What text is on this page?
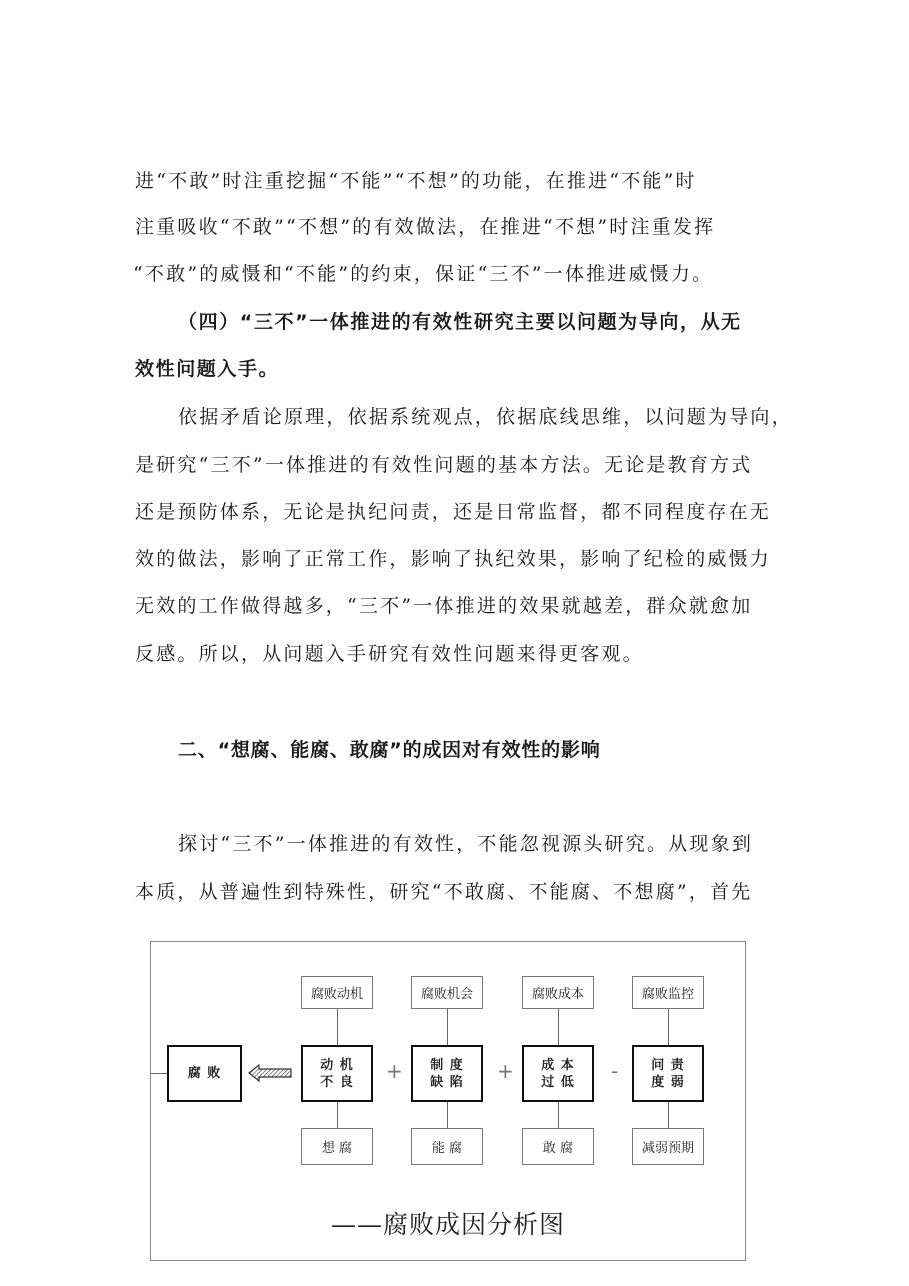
进“不敢”时注重挖掘“不能”“不想”的功能，在推进“不能”时
注重吸收“不敢”“不想”的有效做法，在推进“不想”时注重发挥
“不敢”的威慑和“不能”的约束，保证“三不”一体推进威慑力。
（四）“三不”一体推进的有效性研究主要以问题为导向，从无
效性问题入手。
依据矛盾论原理，依据系统观点，依据底线思维，以问题为导向，
是研究“三不”一体推进的有效性问题的基本方法。无论是教育方式
还是预防体系，无论是执纪问责，还是日常监督，都不同程度存在无
效的做法，影响了正常工作，影响了执纪效果，影响了纪检的威慑力
无效的工作做得越多，“三不”一体推进的效果就越差，群众就愈加
反感。所以，从问题入手研究有效性问题来得更客观。
二、“想腐、能腐、敢腐”的成因对有效性的影响
探讨“三不”一体推进的有效性，不能忽视源头研究。从现象到
本质，从普遍性到特殊性，研究“不敢腐、不能腐、不想腐”，首先
腐 败
腐败动机
动 机
不 良
想 腐
+
腐败机会
制 度
缺 陷
能 腐
+
腐败成本
成 本
过 低
敢 腐
-
腐败监控
问 责
度 弱
减弱预期
——腐败成因分析图
